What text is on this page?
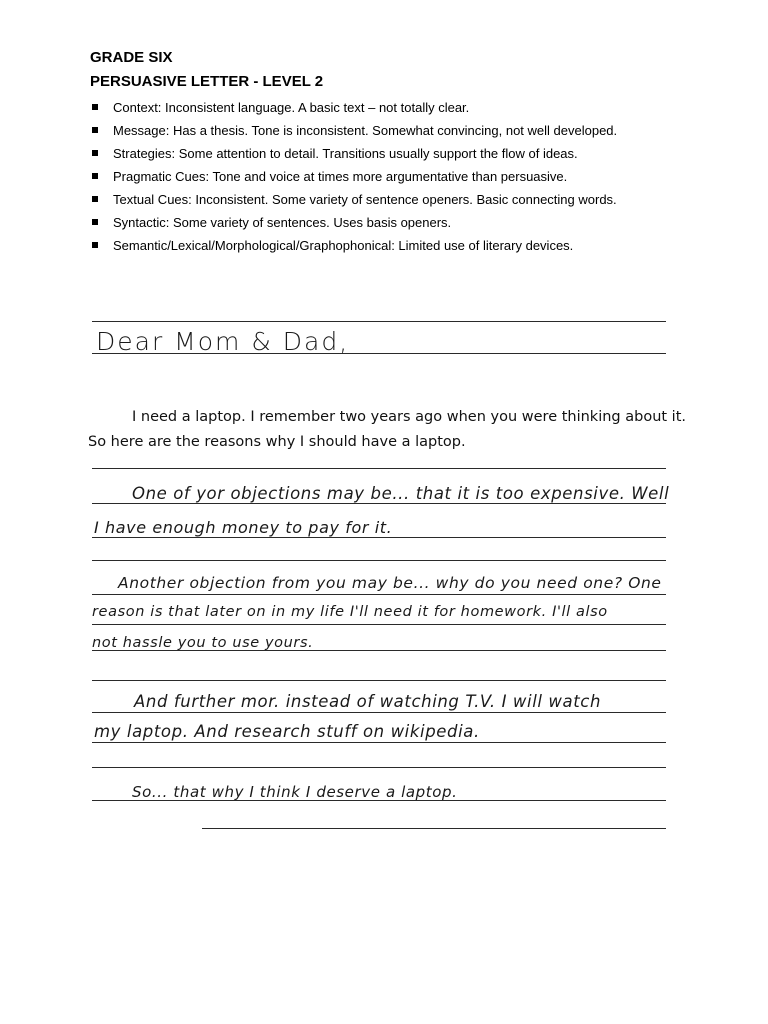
GRADE SIX

PERSUASIVE LETTER - LEVEL 2

Context: Inconsistent language. A basic text – not totally clear.
Message: Has a thesis. Tone is inconsistent. Somewhat convincing, not well developed.
Strategies: Some attention to detail. Transitions usually support the flow of ideas.
Pragmatic Cues: Tone and voice at times more argumentative than persuasive.
Textual Cues: Inconsistent. Some variety of sentence openers. Basic connecting words.
Syntactic: Some variety of sentences. Uses basis openers.
Semantic/Lexical/Morphological/Graphophonical: Limited use of literary devices.
Dear Mom & Dad,
I need a laptop. I remember two years ago when you were thinking about it.
So here are the reasons why I should have a laptop.
One of yor objections may be... that it is too expensive. Well
I have enough money to pay for it.
Another objection from you may be... why do you need one? One
reason is that later on in my life I'll need it for homework. I'll also
not hassle you to use yours.
And further mor. instead of watching T.V. I will watch
my laptop. And research stuff on wikipedia.
So... that why I think I deserve a laptop.
